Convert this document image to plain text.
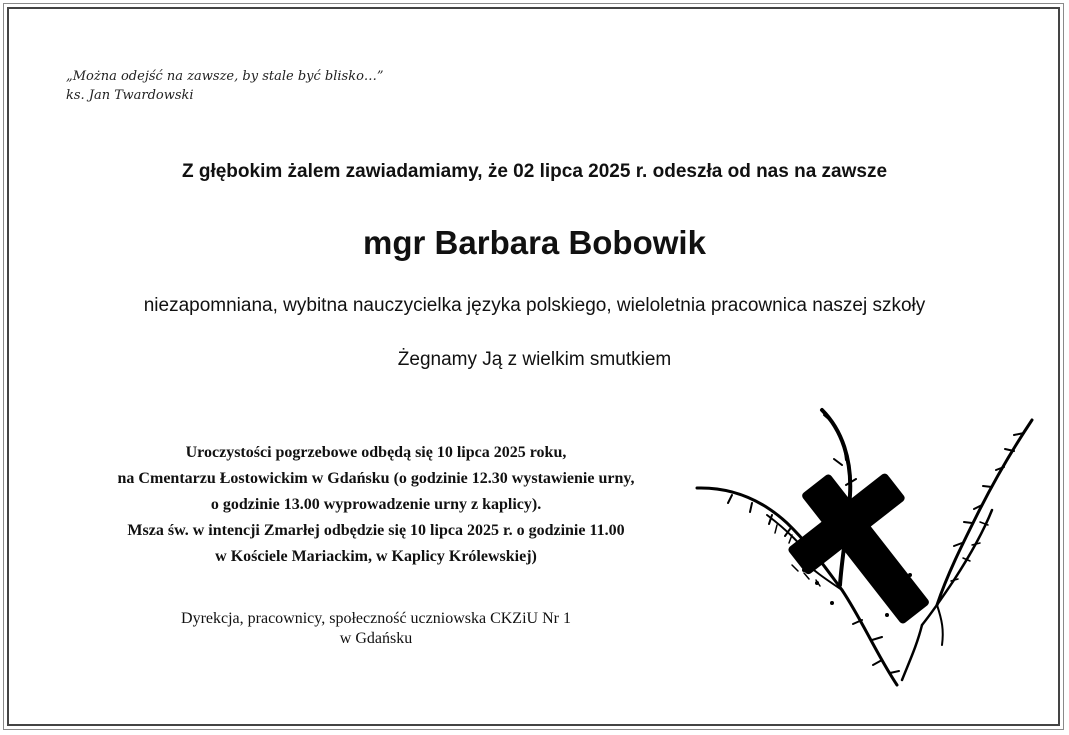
„Można odejść na zawsze, by stale być blisko…”
ks. Jan Twardowski
Z głębokim żalem zawiadamiamy, że 02 lipca 2025 r. odeszła od nas na zawsze
mgr Barbara Bobowik
niezapomniana, wybitna nauczycielka języka polskiego, wieloletnia pracownica naszej szkoły
Żegnamy Ją z wielkim smutkiem
Uroczystości pogrzebowe odbędą się 10 lipca 2025 roku,
na Cmentarzu Łostowickim w Gdańsku (o godzinie 12.30 wystawienie urny,
o godzinie 13.00 wyprowadzenie urny z kaplicy).
Msza św. w intencji Zmarłej odbędzie się 10 lipca 2025 r. o godzinie 11.00
w Kościele Mariackim, w Kaplicy Królewskiej)
Dyrekcja, pracownicy, społeczność uczniowska CKZiU Nr 1
w Gdańsku
